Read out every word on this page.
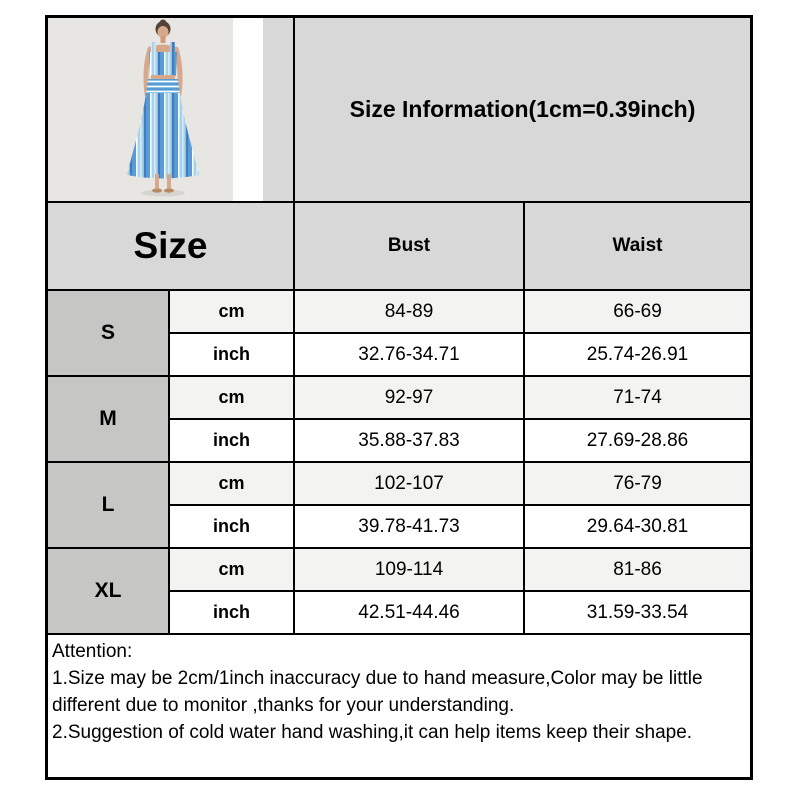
Size Information(1cm=0.39inch)
Size	Bust	Waist
S
cm	84-89	66-69
inch	32.76-34.71	25.74-26.91
M
cm	92-97	71-74
inch	35.88-37.83	27.69-28.86
L
cm	102-107	76-79
inch	39.78-41.73	29.64-30.81
XL
cm	109-114	81-86
inch	42.51-44.46	31.59-33.54
Attention:
1.Size may be 2cm/1inch inaccuracy due to hand measure,Color may be little different due to monitor ,thanks for your understanding.
2.Suggestion of cold water hand washing,it can help items keep their shape.
